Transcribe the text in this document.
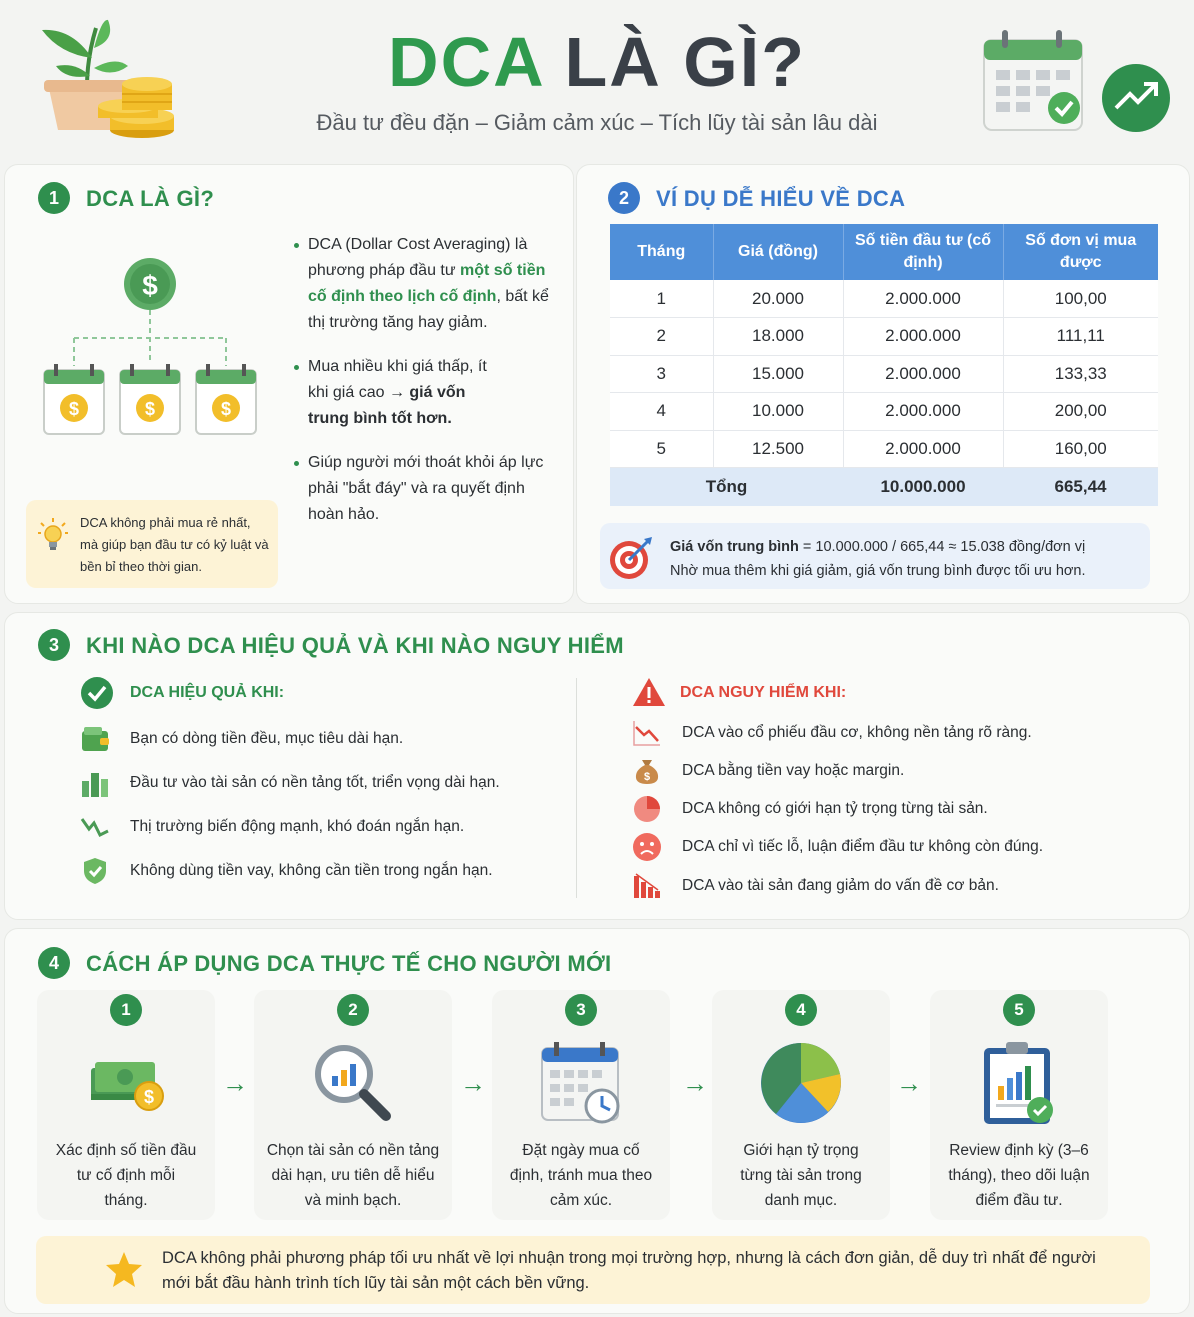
DCA LÀ GÌ?
Đầu tư đều đặn – Giảm cảm xúc – Tích lũy tài sản lâu dài
1	DCA LÀ GÌ?
$
$	$	$
DCA (Dollar Cost Averaging) là phương pháp đầu tư một số tiền cố định theo lịch cố định, bất kể thị trường tăng hay giảm.
Mua nhiều khi giá thấp, ít khi giá cao → giá vốn trung bình tốt hơn.
Giúp người mới thoát khỏi áp lực phải "bắt đáy" và ra quyết định hoàn hảo.
DCA không phải mua rẻ nhất, mà giúp bạn đầu tư có kỷ luật và bền bỉ theo thời gian.
2	VÍ DỤ DỄ HIỂU VỀ DCA
Tháng	Giá (đồng)	Số tiền đầu tư (cố định)	Số đơn vị mua được
1	20.000	2.000.000	100,00
2	18.000	2.000.000	111,11
3	15.000	2.000.000	133,33
4	10.000	2.000.000	200,00
5	12.500	2.000.000	160,00
Tổng		10.000.000	665,44
Giá vốn trung bình = 10.000.000 / 665,44 ≈ 15.038 đồng/đơn vị
Nhờ mua thêm khi giá giảm, giá vốn trung bình được tối ưu hơn.
3	KHI NÀO DCA HIỆU QUẢ VÀ KHI NÀO NGUY HIỂM
DCA HIỆU QUẢ KHI:
Bạn có dòng tiền đều, mục tiêu dài hạn.
Đầu tư vào tài sản có nền tảng tốt, triển vọng dài hạn.
Thị trường biến động mạnh, khó đoán ngắn hạn.
Không dùng tiền vay, không cần tiền trong ngắn hạn.
DCA NGUY HIỂM KHI:
DCA vào cổ phiếu đầu cơ, không nền tảng rõ ràng.
$ DCA bằng tiền vay hoặc margin.
DCA không có giới hạn tỷ trọng từng tài sản.
DCA chỉ vì tiếc lỗ, luận điểm đầu tư không còn đúng.
DCA vào tài sản đang giảm do vấn đề cơ bản.
4	CÁCH ÁP DỤNG DCA THỰC TẾ CHO NGƯỜI MỚI
1
$
Xác định số tiền đầu tư cố định mỗi tháng.
→
2
Chọn tài sản có nền tảng dài hạn, ưu tiên dễ hiểu và minh bạch.
→
3
Đặt ngày mua cố định, tránh mua theo cảm xúc.
→
4
Giới hạn tỷ trọng từng tài sản trong danh mục.
→
5
Review định kỳ (3–6 tháng), theo dõi luận điểm đầu tư.
DCA không phải phương pháp tối ưu nhất về lợi nhuận trong mọi trường hợp, nhưng là cách đơn giản, dễ duy trì nhất để người mới bắt đầu hành trình tích lũy tài sản một cách bền vững.
